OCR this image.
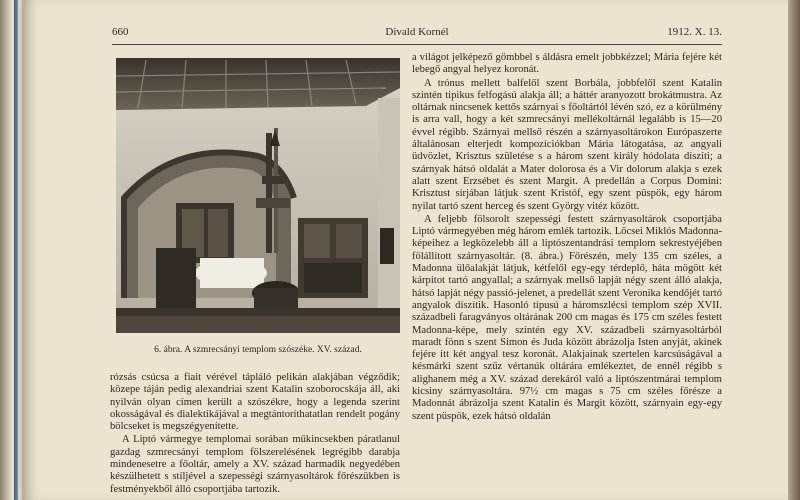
660	Divald Kornél	1912. X. 13.
6. ábra. A szmrecsányi templom szószéke. XV. század.

a világot jelképező gömbbel s áldásra emelt jobbkézzel; Mária fejére két lebegő angyal helyez koronát.

A trónus mellett balfelől szent Borbála, jobbfelől szent Katalin szintén tipikus felfogású alakja áll; a háttér aranyozott brokátmustra. Az oltárnak nincsenek kettős szárnyai s főoltártól lévén szó, ez a körülmény is arra vall, hogy a két szmrecsányi mellékoltárnál legalább is 15—20 évvel régibb. Szárnyai mellső részén a szárnyasoltárokon Európaszerte általánosan elterjedt kompozíciókban Mária látogatása, az angyali üdvözlet, Krisztus születése s a három szent király hódolata díszíti; a szárnyak hátsó oldalát a Mater dolorosa és a Vir dolorum alakja s ezek alatt szent Erzsébet és szent Margit. A predellán a Corpus Domini: Krisztust sírjában látjuk szent Kristóf, egy szent püspök, egy három nyilat tartó szent herceg és szent György vitéz között.

A feljebb fölsorolt szepességi festett szárnyasoltárok csoportjába Liptó vármegyében még három emlék tartozik. Lőcsei Miklós Madonna-képeihez a legközelebb áll a liptószentandrási templom sekrestyéjében fölállított szárnyasoltár. (8. ábra.) Főrészén, mely 135 cm széles, a Madonna ülőalakját látjuk, kétfelől egy-egy térdeplő, háta mögött két kárpitot tartó angyallal; a szárnyak mellső lapját négy szent álló alakja, hátsó lapját négy passió-jelenet, a predellát szent Veronika kendőjét tartó angyalok díszítik. Hasonló típusú a háromszlécsi templom szép XVII. századbeli faragványos oltárának 200 cm magas és 175 cm széles festett Madonna-képe, mely szintén egy XV. századbeli szárnyasoltárból maradt fönn s szent Simon és Juda között ábrázolja Isten anyját, akinek fejére itt két angyal tesz koronát. Alakjainak szertelen karcsúságával a késmárki szent szűz vértanúk oltárára emlékeztet, de ennél régibb s alighanem még a XV. század derekáról való a liptószentmárai templom kicsiny szárnyasoltára. 97½ cm magas s 75 cm széles főrésze a Madonnát ábrázolja szent Katalin és Margit között, szárnyain egy-egy szent püspök, ezek hátsó oldalán

rózsás csúcsa a fiait vérével tápláló pelikán alakjában végződik; közepe táján pedig alexandriai szent Katalin szoborocskája áll, aki nyilván olyan címen került a szószékre, hogy a legenda szerint okosságával és dialektikájával a megtántoríthatatlan rendelt pogány bölcseket is megszégyenítette.

A Liptó vármegye templomai sorában műkincsekben páratlanul gazdag szmrecsányi templom fölszerelésének legrégibb darabja mindenesetre a főoltár, amely a XV. század harmadik negyedében készülhetett s stíljével a szepességi szárnyasoltárok főrészükben is festményekből álló csoportjába tartozik.
